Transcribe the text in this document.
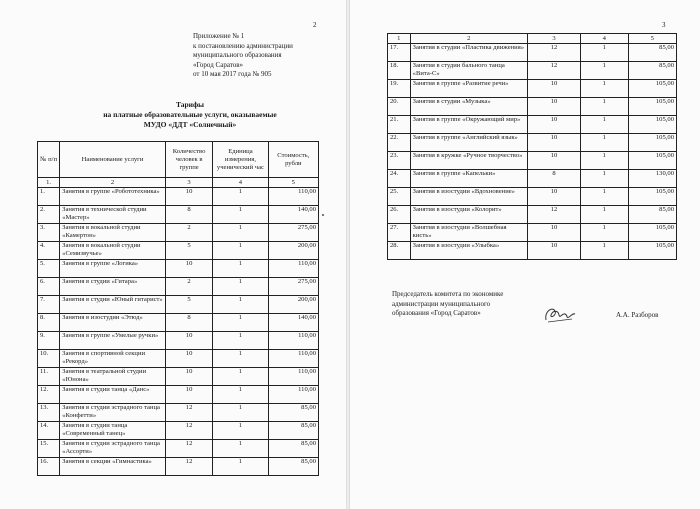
2
Приложение № 1
к постановлению администрации
муниципального образования
«Город Саратов»
от 10 мая 2017 года № 905
Тарифы
на платные образовательные услуги, оказываемые
МУДО «ДДТ «Солнечный»
№ п/п	Наименование услуги	Количество человек в группе	Единица измерения, ученический час	Стоимость, рубли
1.	2	3	4	5
1.	Занятия в группе «Робототехника»	10	1	110,00
2.	Занятия в технической студии «Мастер»	8	1	140,00
3.	Занятия в вокальной студии «Камертон»	2	1	275,00
4.	Занятия в вокальной студии «Семизвучье»	5	1	200,00
5.	Занятия в группе «Логика»	10	1	110,00
6.	Занятия в студии «Гитара»	2	1	275,00
7.	Занятия в студии «Юный гитарист»	5	1	200,00
8.	Занятия в изостудии «Этюд»	8	1	140,00
9.	Занятия в группе «Умелые ручки»	10	1	110,00
10.	Занятия в спортивной секции «Рекорд»	10	1	110,00
11.	Занятия в театральной студии «Юнона»	10	1	110,00
12.	Занятия в студии танца «Данс»	10	1	110,00
13.	Занятия в студии эстрадного танца «Конфетти»	12	1	85,00
14.	Занятия в студии танца «Современный танец»	12	1	85,00
15.	Занятия в студии эстрадного танца «Ассорти»	12	1	85,00
16.	Занятия в секции «Гимнастика»	12	1	85,00
3
1	2	3	4	5
17.	Занятия в студии «Пластика движения»	12	1	85,00
18.	Занятия в студии бального танца «Вита-С»	12	1	85,00
19.	Занятия в группе «Развитие речи»	10	1	105,00
20.	Занятия в студии «Музыка»	10	1	105,00
21.	Занятия в группе «Окружающий мир»	10	1	105,00
22.	Занятия в группе «Английский язык»	10	1	105,00
23.	Занятия в кружке «Ручное творчество»	10	1	105,00
24.	Занятия в группе «Капельки»	8	1	130,00
25.	Занятия в изостудии «Вдохновение»	10	1	105,00
26.	Занятия в изостудии «Колорит»	12	1	85,00
27.	Занятия в изостудии «Волшебная кисть»	10	1	105,00
28.	Занятия в изостудии «Улыбка»	10	1	105,00
Председатель комитета по экономике
администрации муниципального
образования «Город Саратов»	А.А. Разборов
